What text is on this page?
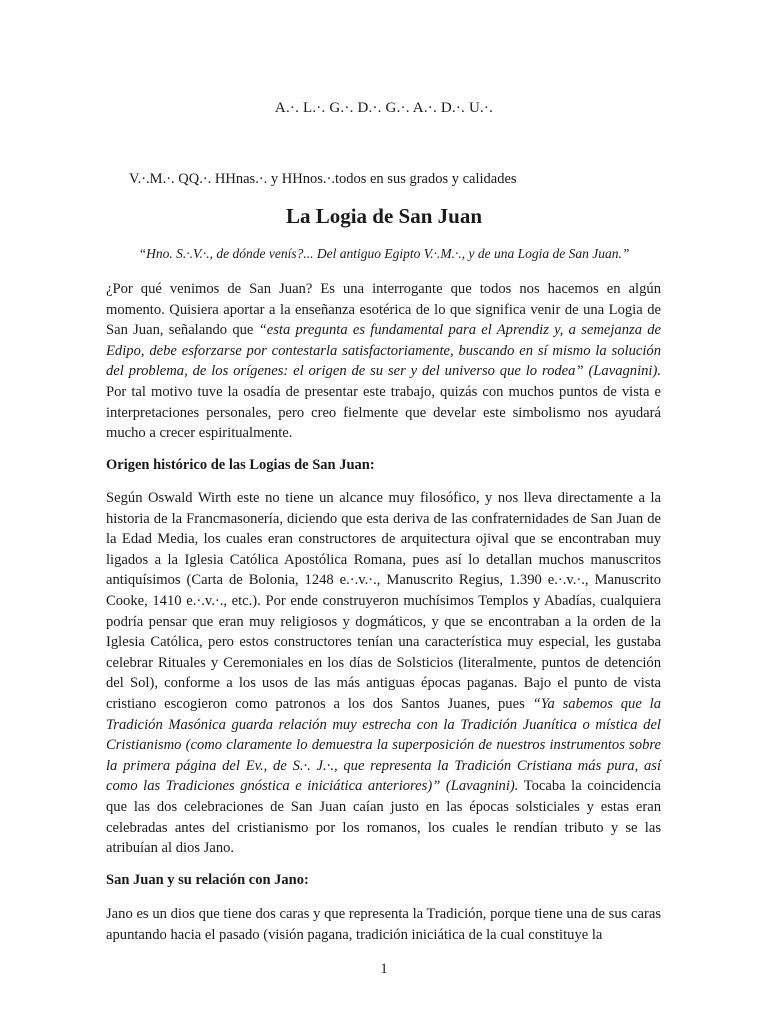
A.·. L.·. G.·. D.·. G.·. A.·. D.·. U.·.
V.·.M.·. QQ.·. HHnas.·. y HHnos.·.todos en sus grados y calidades
La Logia de San Juan
“Hno. S.·.V.·., de dónde venís?... Del antiguo Egipto V.·.M.·., y de una Logia de San Juan.”

¿Por qué venimos de San Juan? Es una interrogante que todos nos hacemos en algún momento. Quisiera aportar a la enseñanza esotérica de lo que significa venir de una Logia de San Juan, señalando que “esta pregunta es fundamental para el Aprendiz y, a semejanza de Edipo, debe esforzarse por contestarla satisfactoriamente, buscando en sí mismo la solución del problema, de los orígenes: el origen de su ser y del universo que lo rodea” (Lavagnini). Por tal motivo tuve la osadía de presentar este trabajo, quizás con muchos puntos de vista e interpretaciones personales, pero creo fielmente que develar este simbolismo nos ayudará mucho a crecer espiritualmente.

Origen histórico de las Logias de San Juan:

Según Oswald Wirth este no tiene un alcance muy filosófico, y nos lleva directamente a la historia de la Francmasonería, diciendo que esta deriva de las confraternidades de San Juan de la Edad Media, los cuales eran constructores de arquitectura ojival que se encontraban muy ligados a la Iglesia Católica Apostólica Romana, pues así lo detallan muchos manuscritos antiquísimos (Carta de Bolonia, 1248 e.·.v.·., Manuscrito Regius, 1.390 e.·.v.·., Manuscrito Cooke, 1410 e.·.v.·., etc.). Por ende construyeron muchísimos Templos y Abadías, cualquiera podría pensar que eran muy religiosos y dogmáticos, y que se encontraban a la orden de la Iglesia Católica, pero estos constructores tenían una característica muy especial, les gustaba celebrar Rituales y Ceremoniales en los días de Solsticios (literalmente, puntos de detención del Sol), conforme a los usos de las más antiguas épocas paganas. Bajo el punto de vista cristiano escogieron como patronos a los dos Santos Juanes, pues “Ya sabemos que la Tradición Masónica guarda relación muy estrecha con la Tradición Juanítica o mística del Cristianismo (como claramente lo demuestra la superposición de nuestros instrumentos sobre la primera página del Ev., de S.·. J.·., que representa la Tradición Cristiana más pura, así como las Tradiciones gnóstica e iniciática anteriores)” (Lavagnini). Tocaba la coincidencia que las dos celebraciones de San Juan caían justo en las épocas solsticiales y estas eran celebradas antes del cristianismo por los romanos, los cuales le rendían tributo y se las atribuían al dios Jano.

San Juan y su relación con Jano:

Jano es un dios que tiene dos caras y que representa la Tradición, porque tiene una de sus caras apuntando hacia el pasado (visión pagana, tradición iniciática de la cual constituye la

1
